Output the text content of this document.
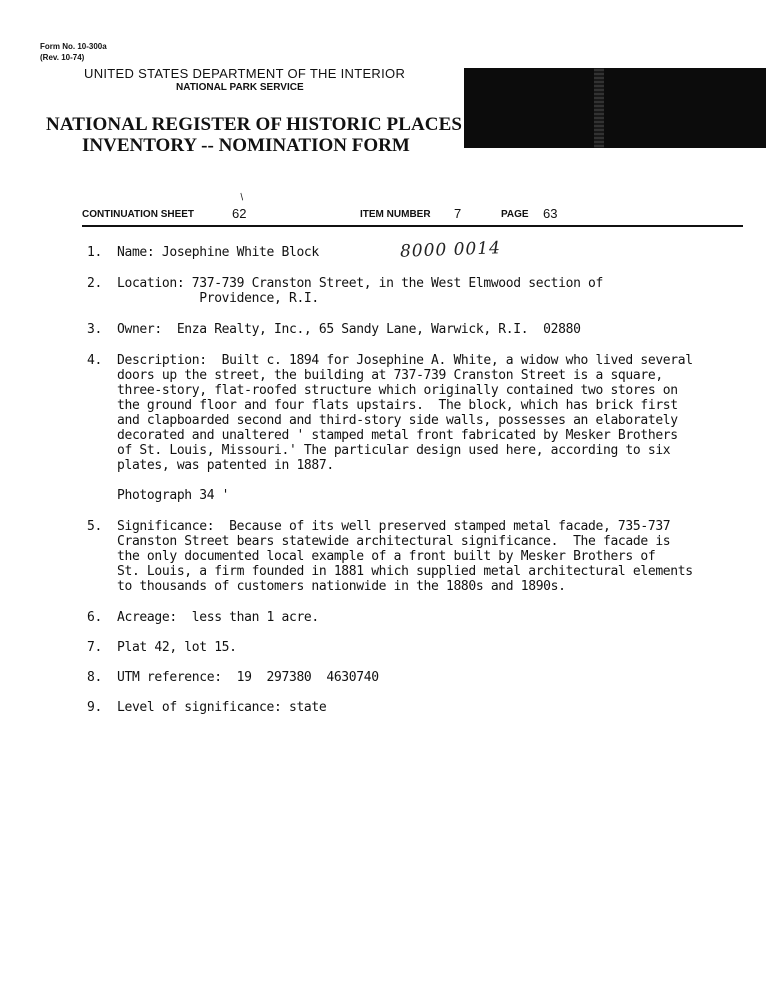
Form No. 10-300a
(Rev. 10-74)
UNITED STATES DEPARTMENT OF THE INTERIOR
NATIONAL PARK SERVICE
NATIONAL REGISTER OF HISTORIC PLACES
INVENTORY -- NOMINATION FORM
/
CONTINUATION SHEET	62	ITEM NUMBER 7	PAGE 63
8000 0014
1. Name: Josephine White Block
2. Location: 737-739 Cranston Street, in the West Elmwood section of
Providence, R.I.
3. Owner:  Enza Realty, Inc., 65 Sandy Lane, Warwick, R.I.  02880
4. Description:  Built c. 1894 for Josephine A. White, a widow who lived several
doors up the street, the building at 737-739 Cranston Street is a square,
three-story, flat-roofed structure which originally contained two stores on
the ground floor and four flats upstairs.  The block, which has brick first
and clapboarded second and third-story side walls, possesses an elaborately
decorated and unaltered ' stamped metal front fabricated by Mesker Brothers
of St. Louis, Missouri.' The particular design used here, according to six
plates, was patented in 1887.
Photograph 34 '
5. Significance:  Because of its well preserved stamped metal facade, 735-737
Cranston Street bears statewide architectural significance.  The facade is
the only documented local example of a front built by Mesker Brothers of
St. Louis, a firm founded in 1881 which supplied metal architectural elements
to thousands of customers nationwide in the 1880s and 1890s.
6. Acreage:  less than 1 acre.
7. Plat 42, lot 15.
8. UTM reference:  19  297380  4630740
9. Level of significance: state
